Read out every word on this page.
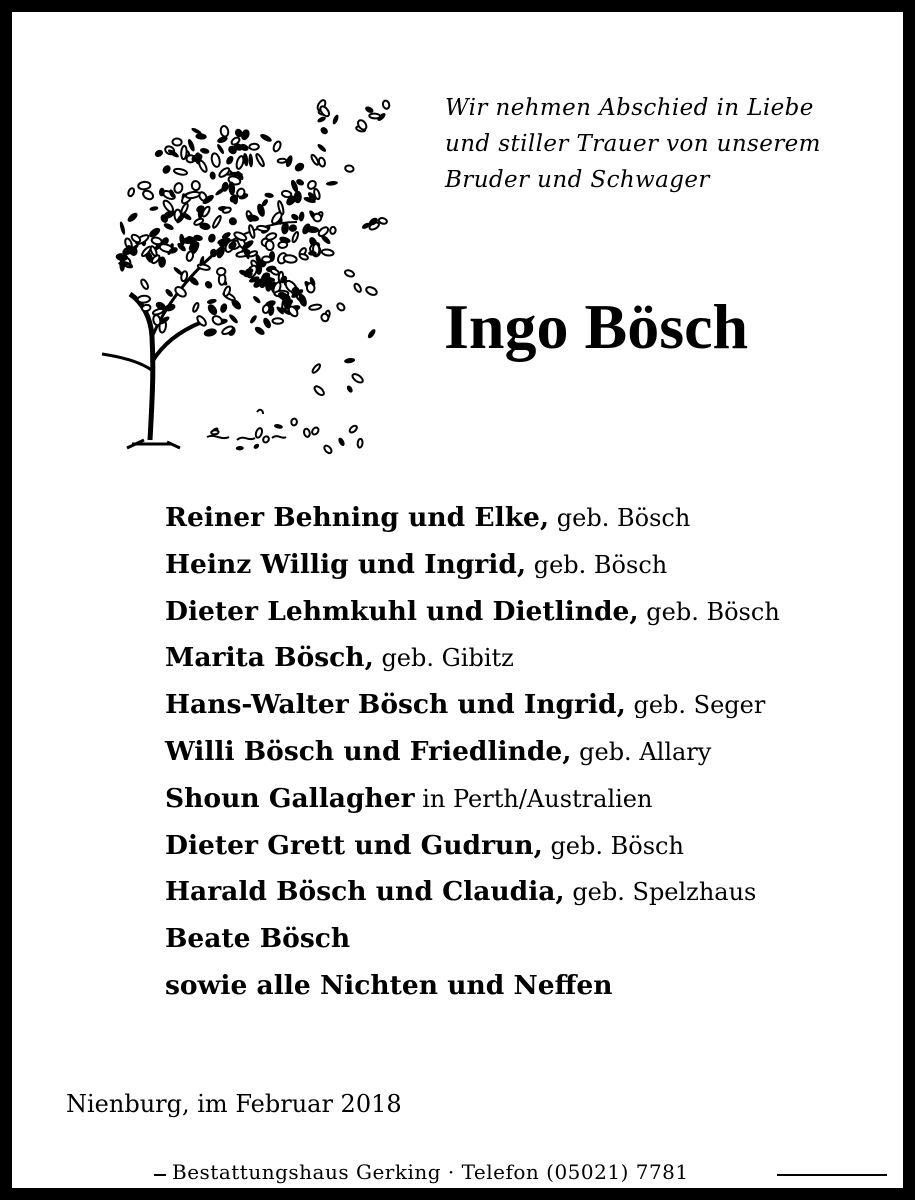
Wir nehmen Abschied in Liebe
und stiller Trauer von unserem
Bruder und Schwager
Ingo Bösch
Reiner Behning und Elke, geb. Bösch
Heinz Willig und Ingrid, geb. Bösch
Dieter Lehmkuhl und Dietlinde, geb. Bösch
Marita Bösch, geb. Gibitz
Hans-Walter Bösch und Ingrid, geb. Seger
Willi Bösch und Friedlinde, geb. Allary
Shoun Gallagher in Perth/Australien
Dieter Grett und Gudrun, geb. Bösch
Harald Bösch und Claudia, geb. Spelzhaus
Beate Bösch
sowie alle Nichten und Neffen
Nienburg, im Februar 2018
Bestattungshaus Gerking · Telefon (05021) 7781
